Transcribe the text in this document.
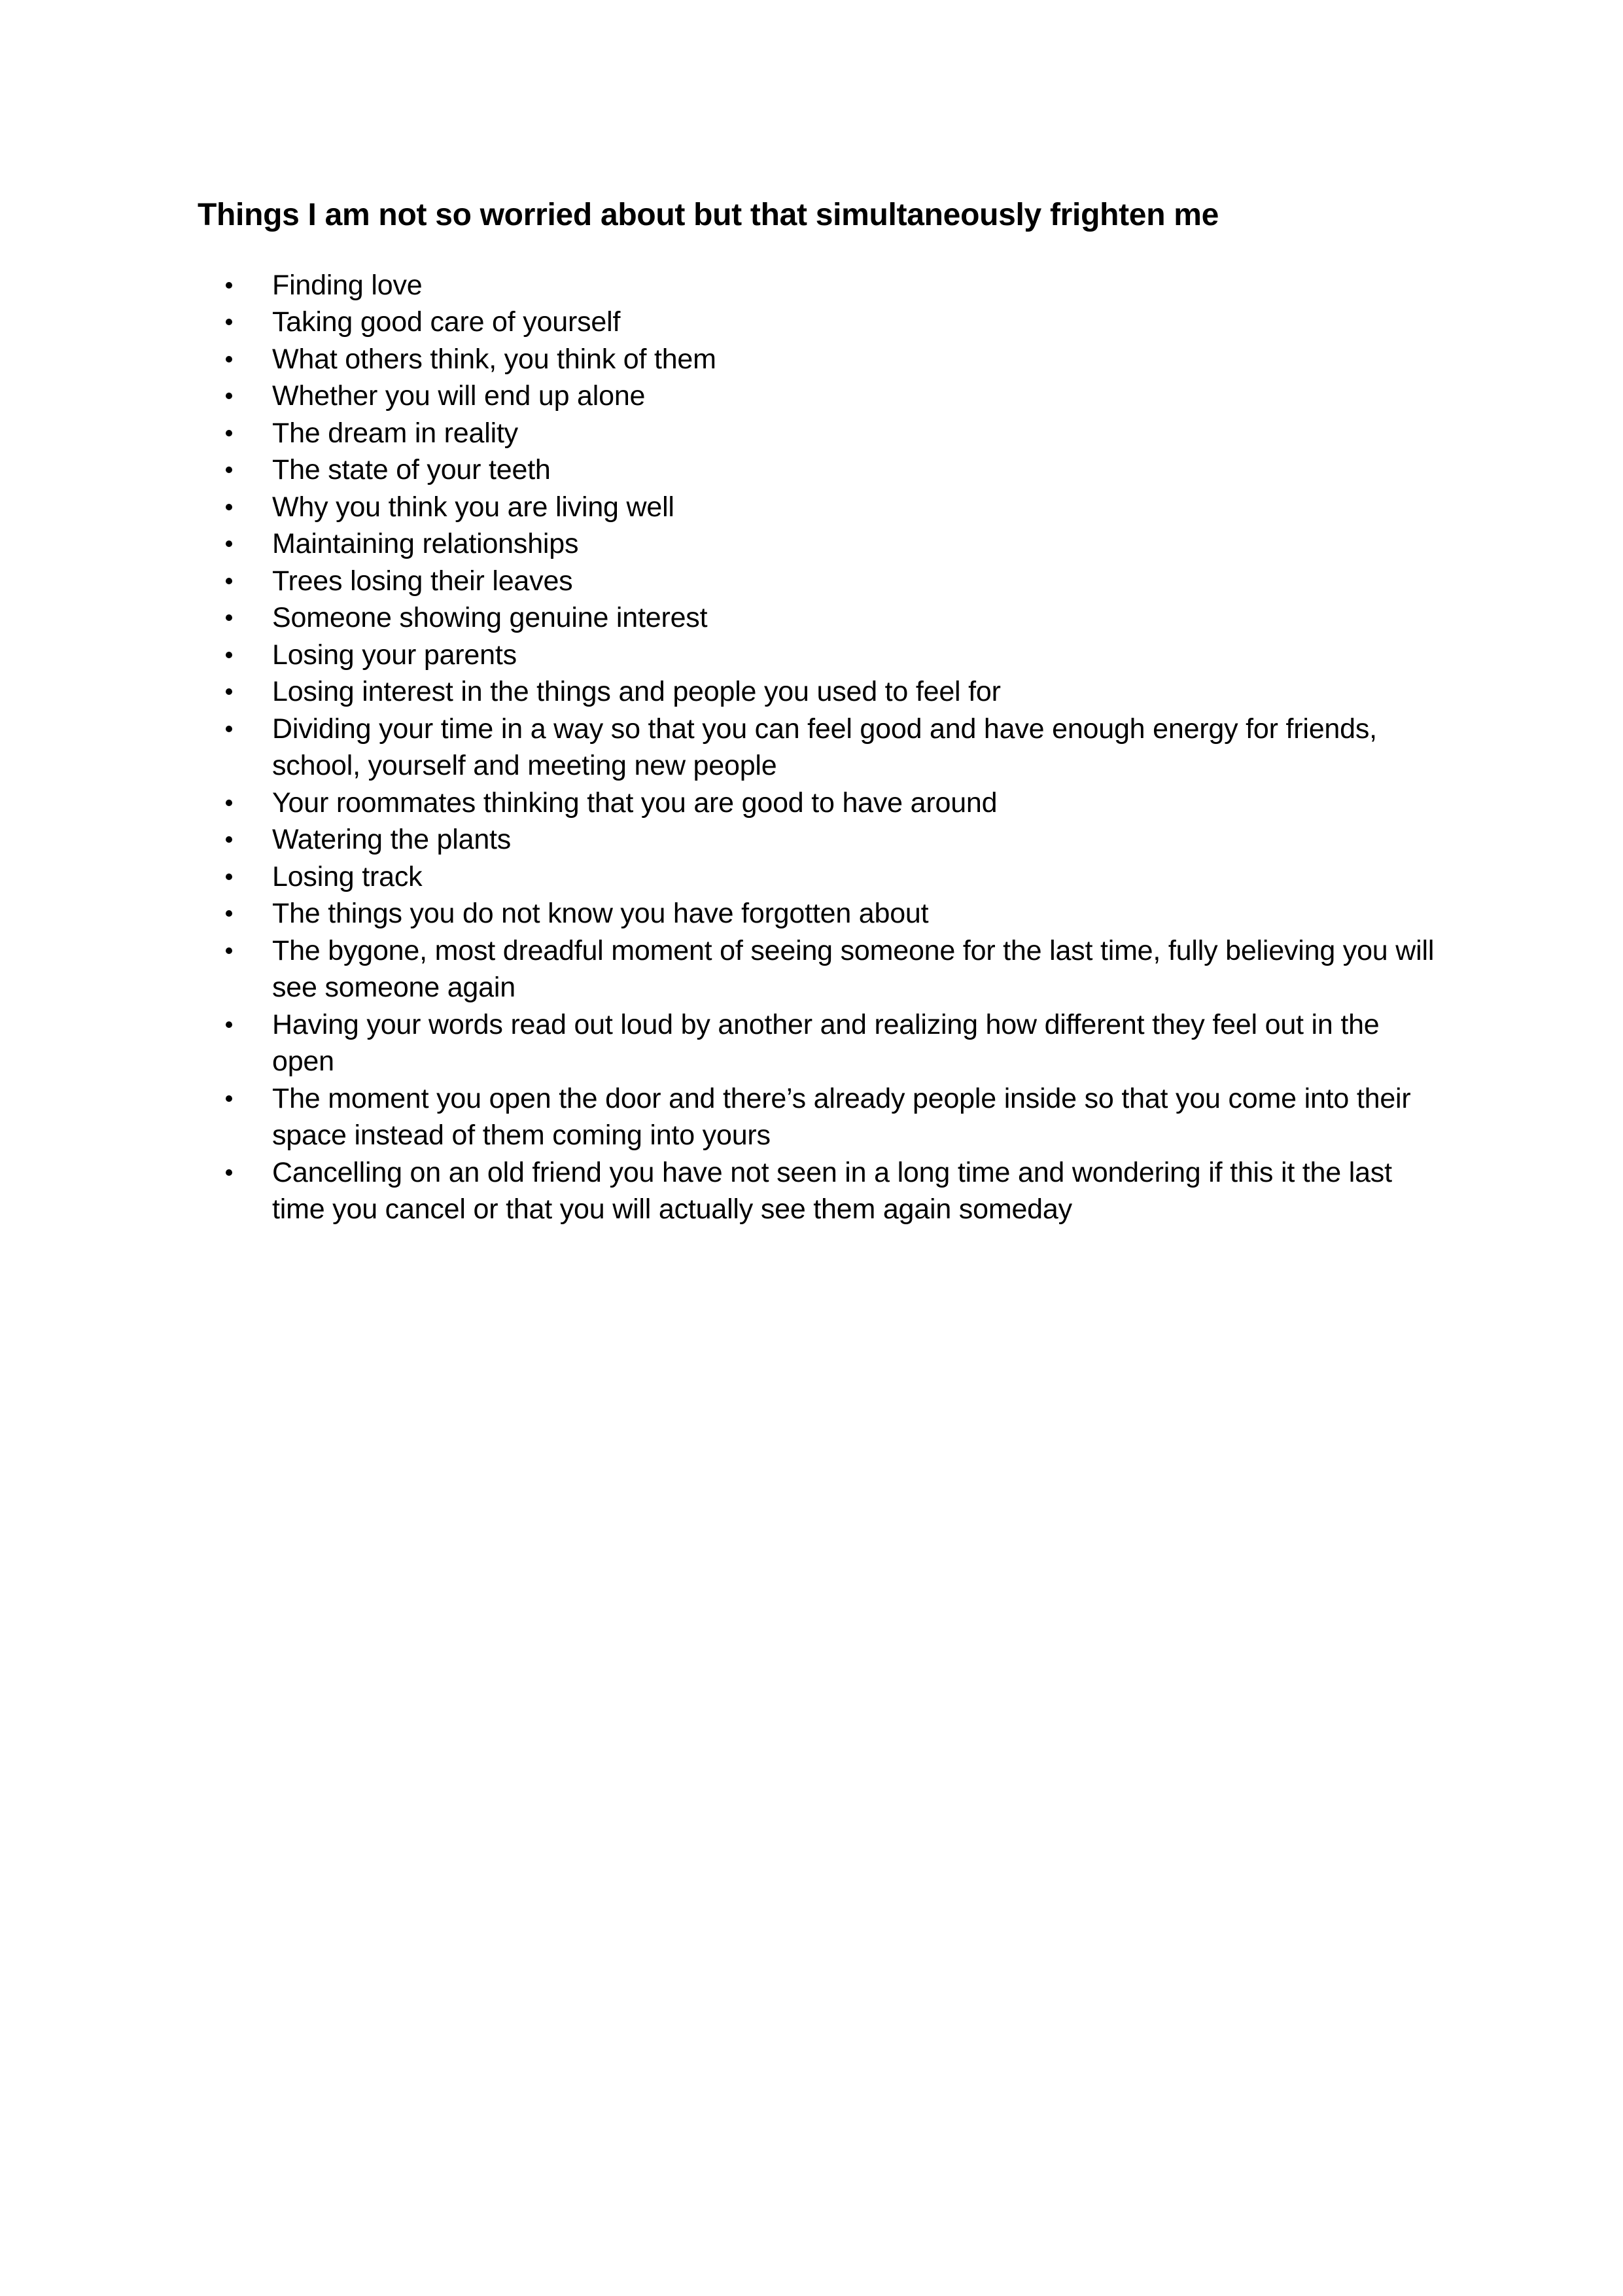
Things I am not so worried about but that simultaneously frighten me
Finding love
Taking good care of yourself
What others think, you think of them
Whether you will end up alone
The dream in reality
The state of your teeth
Why you think you are living well
Maintaining relationships
Trees losing their leaves
Someone showing genuine interest
Losing your parents
Losing interest in the things and people you used to feel for
Dividing your time in a way so that you can feel good and have enough energy for friends, school, yourself and meeting new people
Your roommates thinking that you are good to have around
Watering the plants
Losing track
The things you do not know you have forgotten about
The bygone, most dreadful moment of seeing someone for the last time, fully believing you will see someone again
Having your words read out loud by another and realizing how different they feel out in the open
The moment you open the door and there’s already people inside so that you come into their space instead of them coming into yours
Cancelling on an old friend you have not seen in a long time and wondering if this it the last time you cancel or that you will actually see them again someday
